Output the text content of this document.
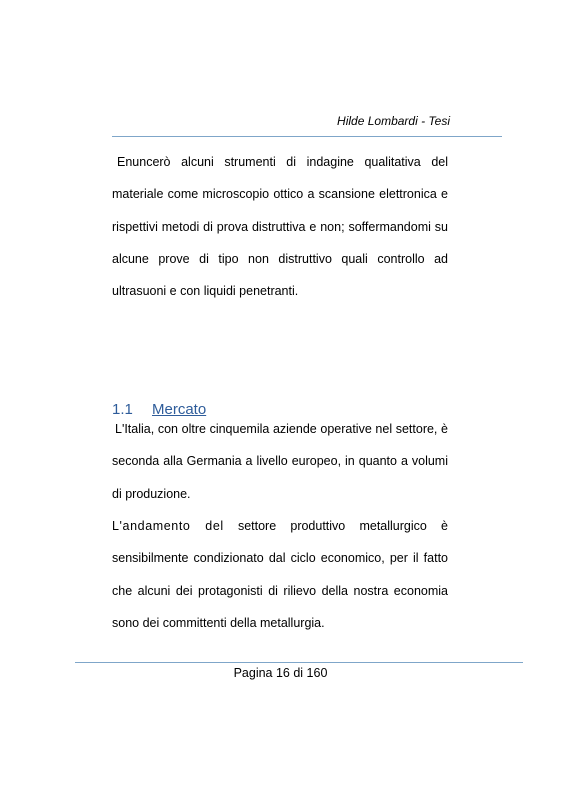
Hilde Lombardi - Tesi

Enuncerò alcuni strumenti di indagine qualitativa del materiale come microscopio ottico a scansione elettronica e rispettivi metodi di prova distruttiva e non; soffermandomi su alcune prove di tipo non distruttivo quali controllo ad ultrasuoni e con liquidi penetranti.

1.1 Mercato

L'Italia, con oltre cinquemila aziende operative nel settore, è seconda alla Germania a livello europeo, in quanto a volumi di produzione.

L'andamento del settore produttivo metallurgico è sensibilmente condizionato dal ciclo economico, per il fatto che alcuni dei protagonisti di rilievo della nostra economia sono dei committenti della metallurgia.

Pagina 16 di 160
